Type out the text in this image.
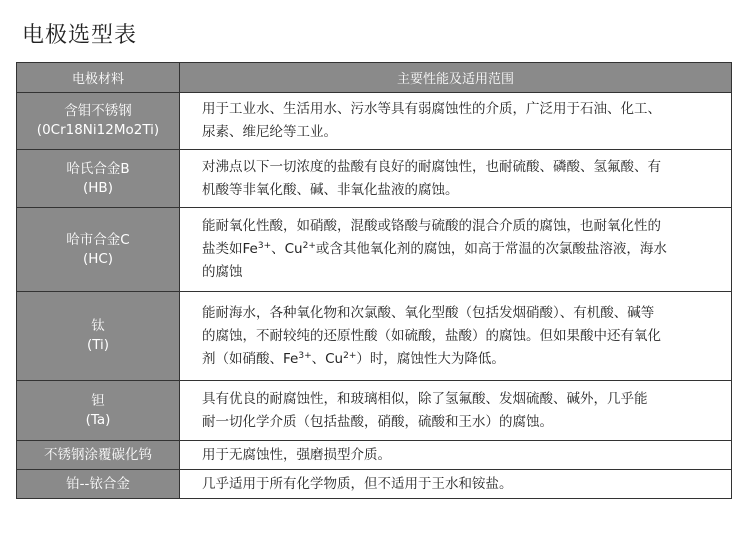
电极选型表
电极材料	主要性能及适用范围

含钼不锈钢
(0Cr18Ni12Mo2Ti)	用于工业水、生活用水、污水等具有弱腐蚀性的介质，广泛用于石油、化工、
尿素、维尼纶等工业。

哈氏合金B
(HB)	对沸点以下一切浓度的盐酸有良好的耐腐蚀性，也耐硫酸、磷酸、氢氟酸、有
机酸等非氧化酸、碱、非氧化盐液的腐蚀。

哈市合金C
(HC)	能耐氧化性酸，如硝酸，混酸或铬酸与硫酸的混合介质的腐蚀，也耐氧化性的
盐类如$Fe^{3+}$、$Cu^{2+}$或含其他氧化剂的腐蚀，如高于常温的次氯酸盐溶液，海水
的腐蚀

钛
(Ti)	能耐海水，各种氧化物和次氯酸、氧化型酸（包括发烟硝酸）、有机酸、碱等
的腐蚀，不耐较纯的还原性酸（如硫酸，盐酸）的腐蚀。但如果酸中还有氧化
剂（如硝酸、$Fe^{3+}$、$Cu^{2+}$）时，腐蚀性大为降低。

钽
(Ta)	具有优良的耐腐蚀性，和玻璃相似，除了氢氟酸、发烟硫酸、碱外，几乎能
耐一切化学介质（包括盐酸，硝酸，硫酸和王水）的腐蚀。

不锈钢涂覆碳化钨	用于无腐蚀性，强磨损型介质。

铂--铱合金	几乎适用于所有化学物质，但不适用于王水和铵盐。
